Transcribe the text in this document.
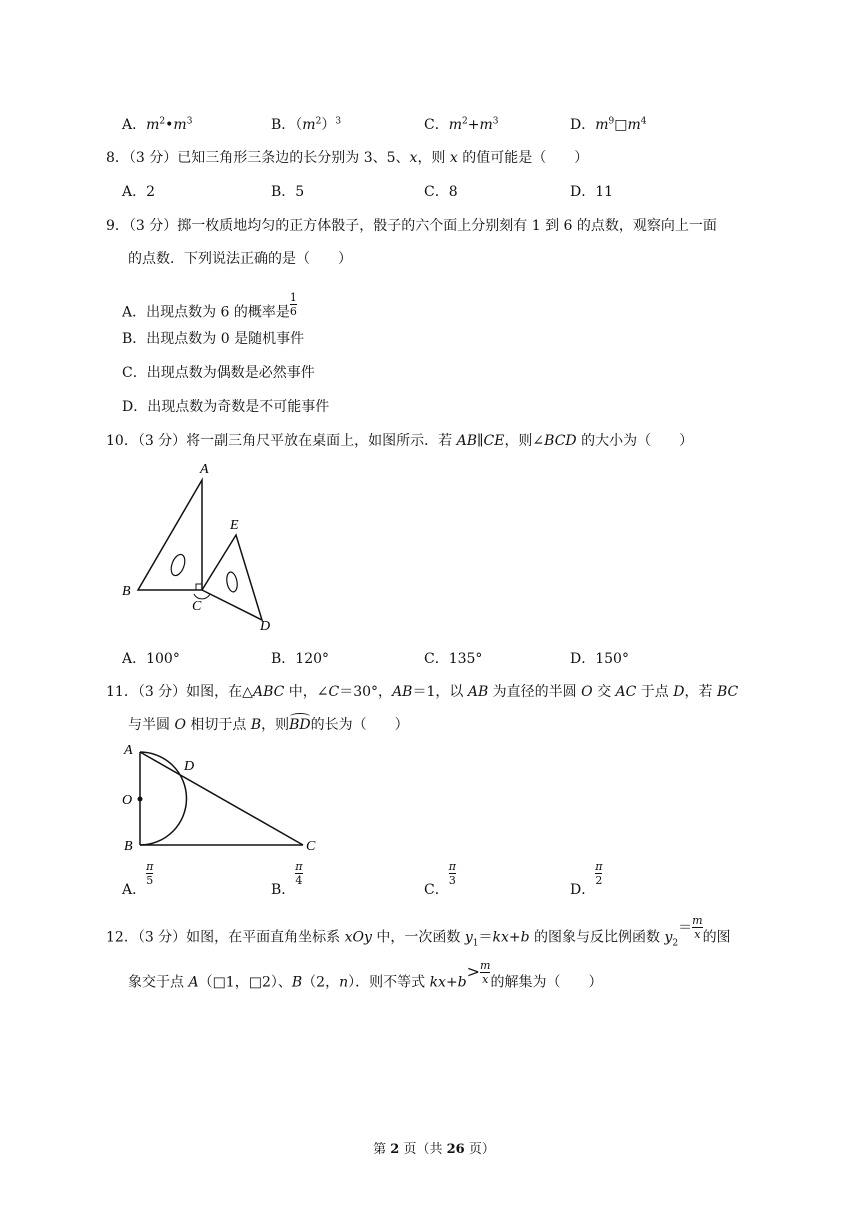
A．$m^2•m^3$	B．$(m^2)^3$	C．$m^2+m^3$	D．$m^9□m^4$
8．（3 分）已知三角形三条边的长分别为 3、5、x，则 x 的值可能是（　　）
A．2	B．5	C．8	D．11
9．（3 分）掷一枚质地均匀的正方体骰子，骰子的六个面上分别刻有 1 到 6 的点数，观察向上一面
的点数．下列说法正确的是（　　）
A．出现点数为 6 的概率是 $\frac{1}{6}$
B．出现点数为 0 是随机事件
C．出现点数为偶数是必然事件
D．出现点数为奇数是不可能事件
10．（3 分）将一副三角尺平放在桌面上，如图所示．若 AB∥CE，则∠BCD 的大小为（　　）
A
B
C
E
D
A．100°	B．120°	C．135°	D．150°
11．（3 分）如图，在△ABC 中，∠C＝30°，AB＝1，以 AB 为直径的半圆 O 交 AC 于点 D，若 BC
与半圆 O 相切于点 B，则
BD的长为（　　）
A
O
B	C
D
A．
$\frac{\pi}{5}$
B．
$\frac{\pi}{4}$
C．
$\frac{\pi}{3}$
D．
$\frac{\pi}{2}$
12．（3 分）如图，在平面直角坐标系 xOy 中，一次函数 $y_1=kx+b$ 的图象与反比例函数 $y_2= \frac{m}{x}$ 的图
象交于点 A（□1，□2）、B（2，n）．则不等式 $kx+b> \frac{m}{x}$ 的解集为（　　）
第 2 页（共 26 页）
